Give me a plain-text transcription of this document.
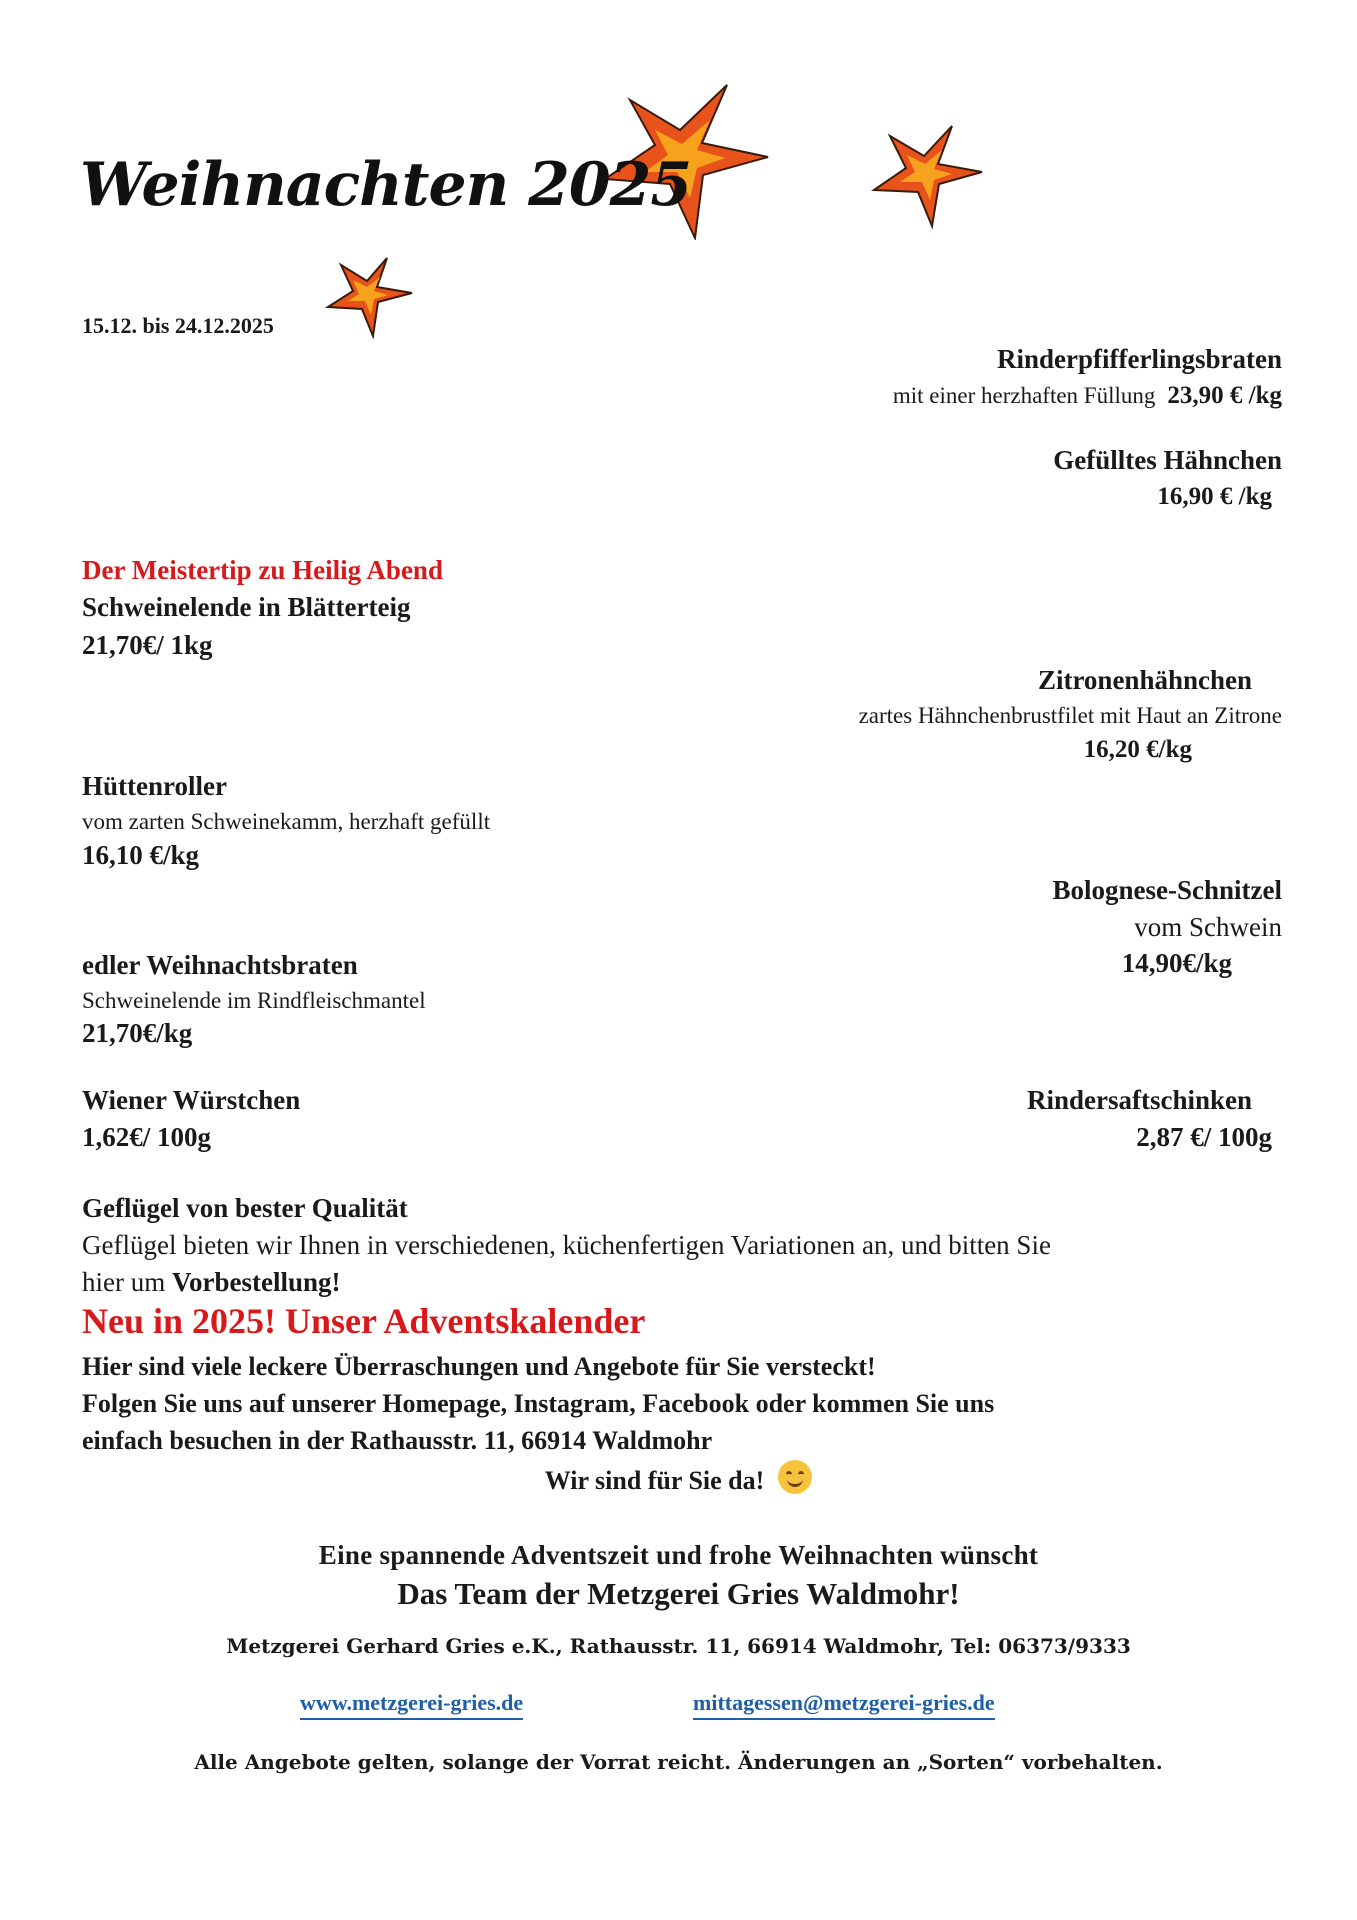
Weihnachten 2025
15.12. bis 24.12.2025
Rinderpfifferlingsbraten
mit einer herzhaften Füllung 23,90 € /kg
Gefülltes Hähnchen
16,90 € /kg
Zitronenhähnchen
zartes Hähnchenbrustfilet mit Haut an Zitrone
16,20 €/kg
Bolognese-Schnitzel
vom Schwein
14,90€/kg
Rindersaftschinken
2,87 €/ 100g
Der Meistertip zu Heilig Abend
Schweinelende in Blätterteig
21,70€/ 1kg
Hüttenroller
vom zarten Schweinekamm, herzhaft gefüllt
16,10 €/kg
edler Weihnachtsbraten
Schweinelende im Rindfleischmantel
21,70€/kg
Wiener Würstchen
1,62€/ 100g
Geflügel von bester Qualität
Geflügel bieten wir Ihnen in verschiedenen, küchenfertigen Variationen an, und bitten Sie
hier um Vorbestellung!
Neu in 2025! Unser Adventskalender
Hier sind viele leckere Überraschungen und Angebote für Sie versteckt!
Folgen Sie uns auf unserer Homepage, Instagram, Facebook oder kommen Sie uns
einfach besuchen in der Rathausstr. 11, 66914 Waldmohr
Wir sind für Sie da!
Eine spannende Adventszeit und frohe Weihnachten wünscht
Das Team der Metzgerei Gries Waldmohr!
Metzgerei Gerhard Gries e.K., Rathausstr. 11, 66914 Waldmohr, Tel: 06373/9333
www.metzgerei-gries.de	mittagessen@metzgerei-gries.de
Alle Angebote gelten, solange der Vorrat reicht. Änderungen an „Sorten“ vorbehalten.
